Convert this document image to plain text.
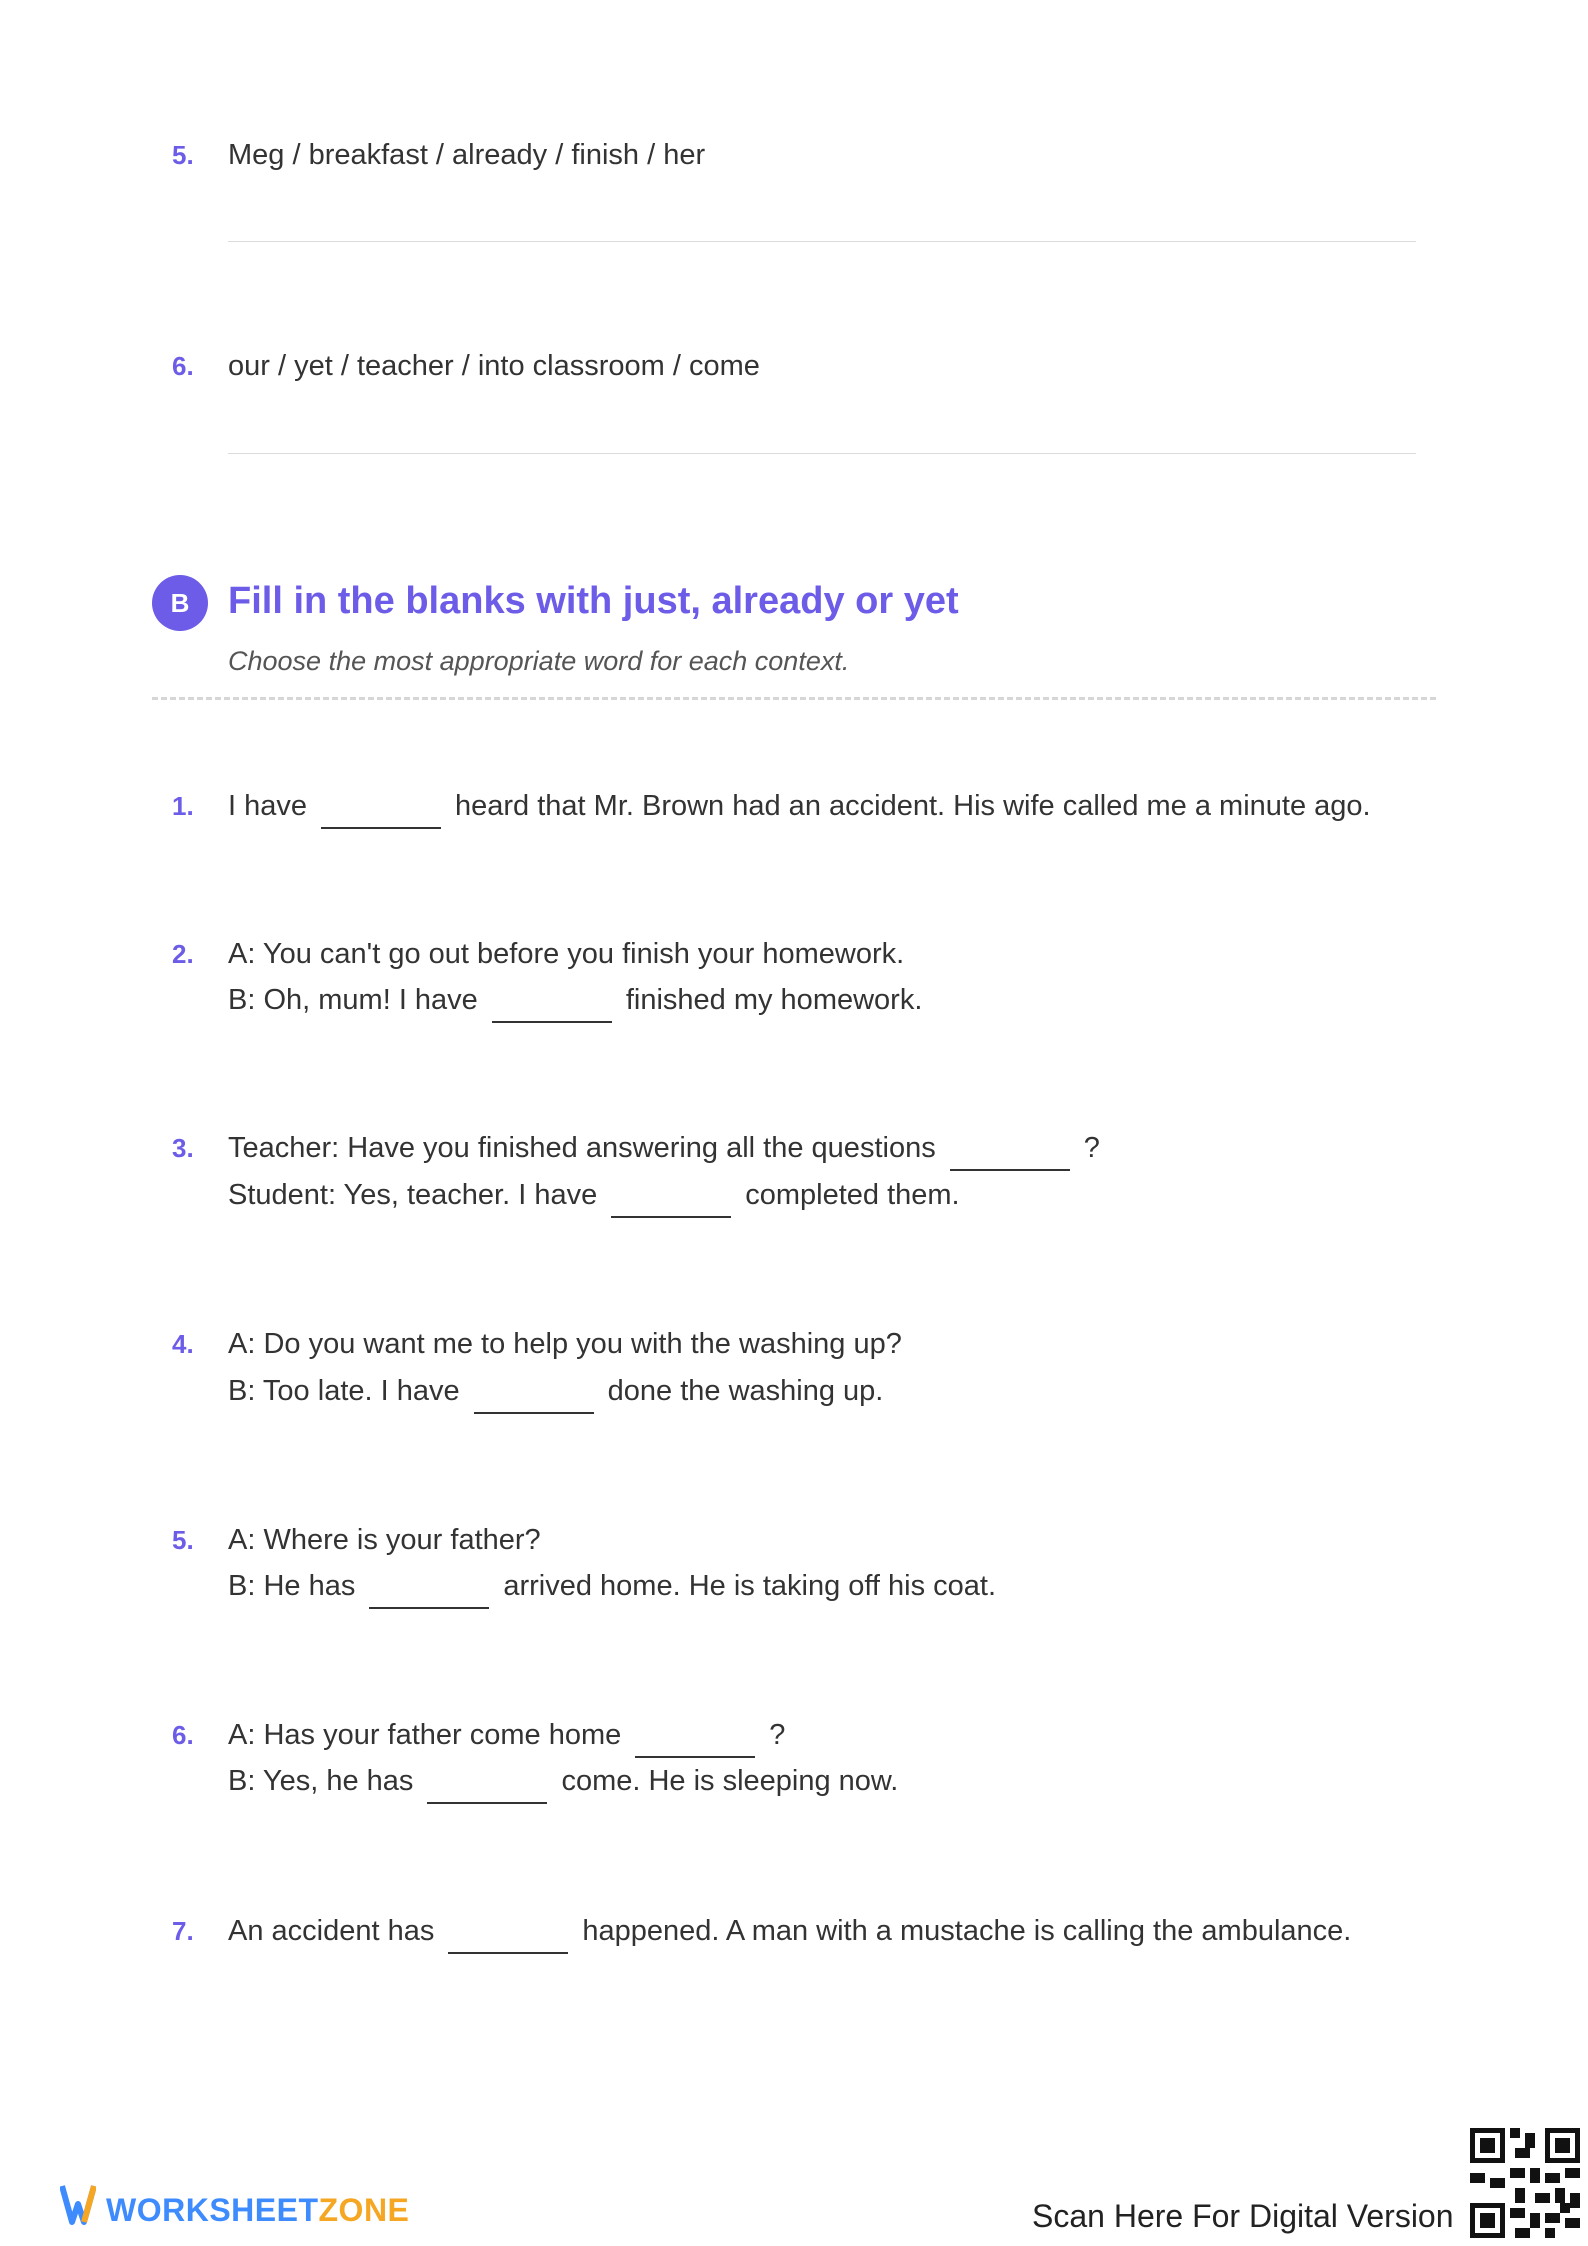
5. Meg / breakfast / already / finish / her
6. our / yet / teacher / into classroom / come
B	Fill in the blanks with just, already or yet
Choose the most appropriate word for each context.
1. I have	heard that Mr. Brown had an accident. His wife called me a minute ago.
2. A: You can't go out before you finish your homework.
B: Oh, mum! I have	finished my homework.
3. Teacher: Have you finished answering all the questions	?
Student: Yes, teacher. I have	completed them.
4. A: Do you want me to help you with the washing up?
B: Too late. I have	done the washing up.
5. A: Where is your father?
B: He has	arrived home. He is taking off his coat.
6. A: Has your father come home	?
B: Yes, he has	come. He is sleeping now.
7. An accident has	happened. A man with a mustache is calling the ambulance.
WORKSHEETZONE	Scan Here For Digital Version
